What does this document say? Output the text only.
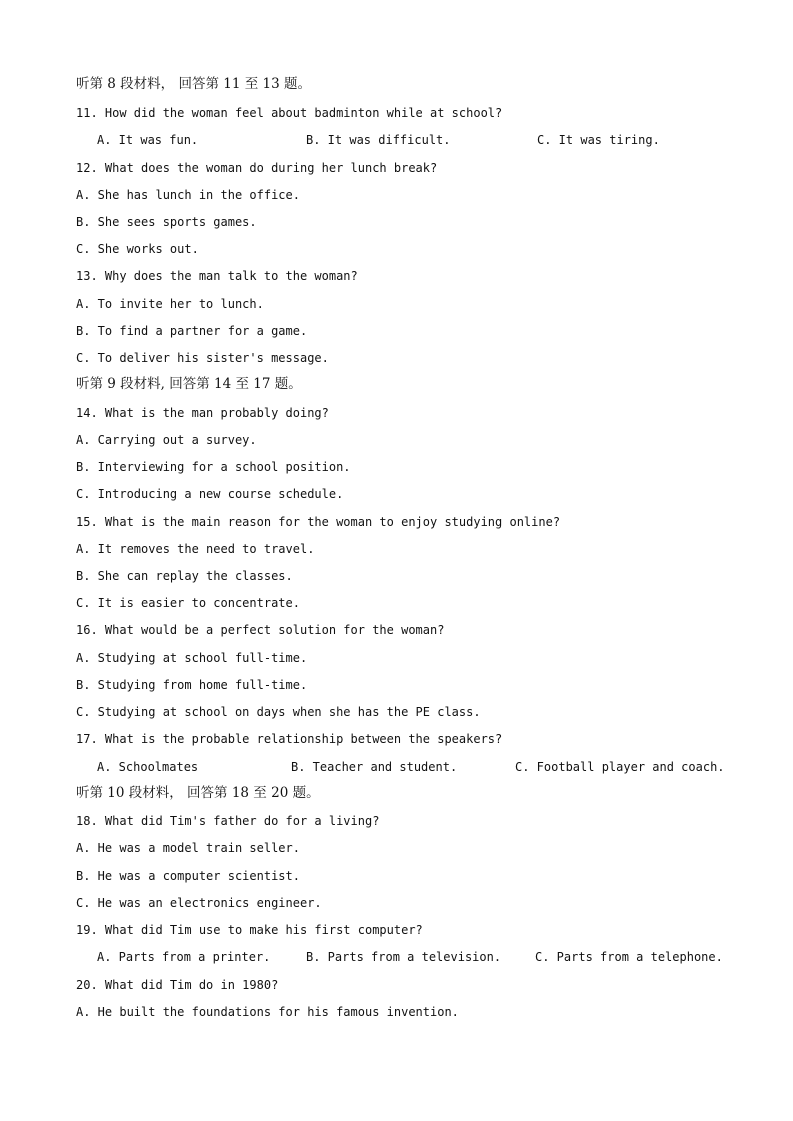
听第 8 段材料， 回答第 11 至 13 题。
11. How did the woman feel about badminton while at school?
A. It was fun.	B. It was difficult.	C. It was tiring.
12. What does the woman do during her lunch break?
A. She has lunch in the office.
B. She sees sports games.
C. She works out.
13. Why does the man talk to the woman?
A. To invite her to lunch.
B. To find a partner for a game.
C. To deliver his sister's message.
听第 9 段材料, 回答第 14 至 17 题。
14. What is the man probably doing?
A. Carrying out a survey.
B. Interviewing for a school position.
C. Introducing a new course schedule.
15. What is the main reason for the woman to enjoy studying online?
A. It removes the need to travel.
B. She can replay the classes.
C. It is easier to concentrate.
16. What would be a perfect solution for the woman?
A. Studying at school full-time.
B. Studying from home full-time.
C. Studying at school on days when she has the PE class.
17. What is the probable relationship between the speakers?
A. Schoolmates	B. Teacher and student.	C. Football player and coach.
听第 10 段材料， 回答第 18 至 20 题。
18. What did Tim's father do for a living?
A. He was a model train seller.
B. He was a computer scientist.
C. He was an electronics engineer.
19. What did Tim use to make his first computer?
A. Parts from a printer.	B. Parts from a television.	C. Parts from a telephone.
20. What did Tim do in 1980?
A. He built the foundations for his famous invention.
